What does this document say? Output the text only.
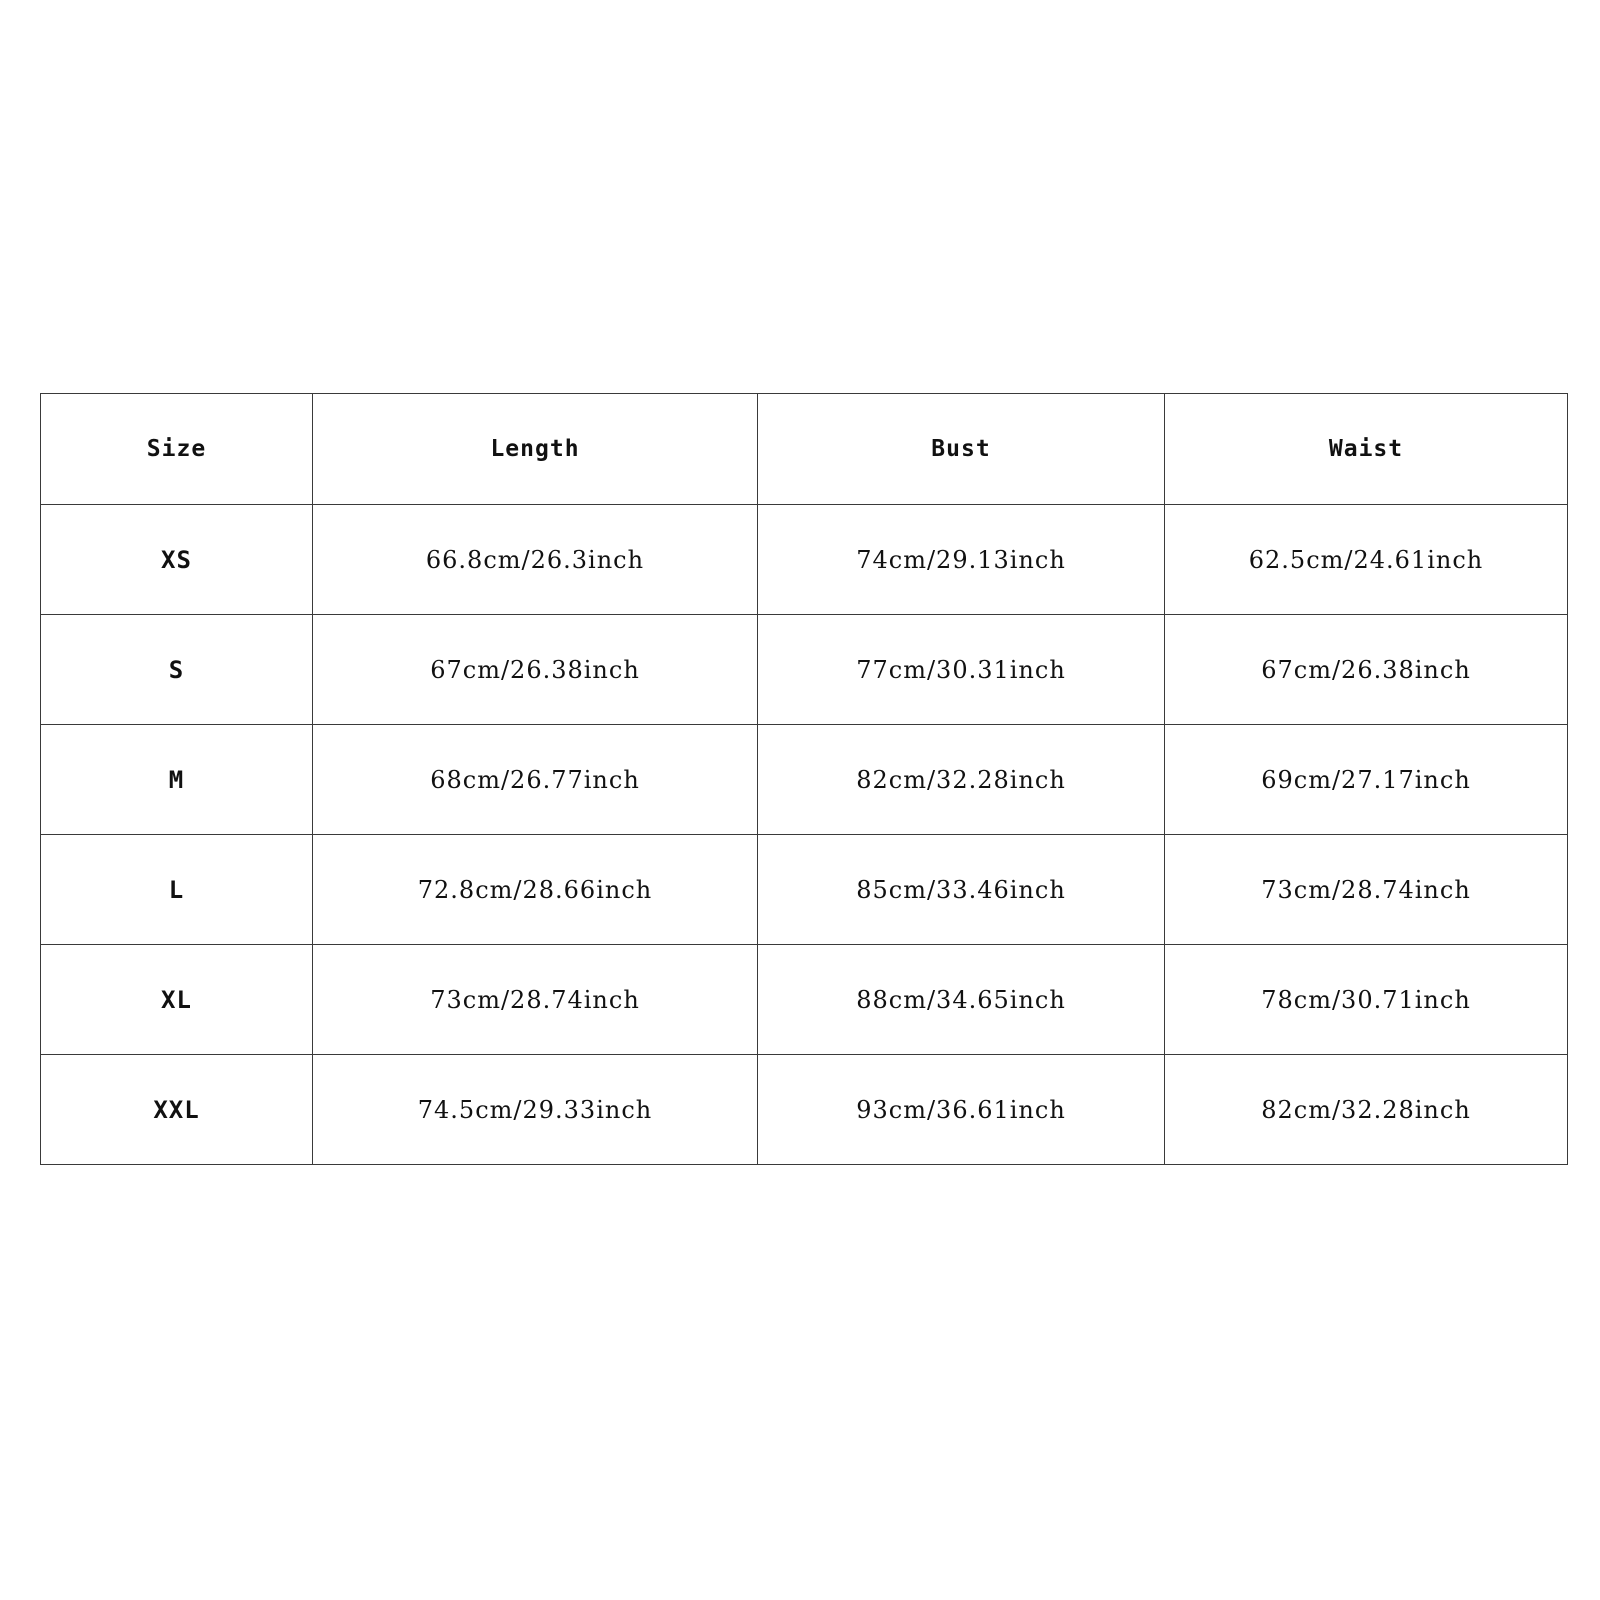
Size	Length	Bust	Waist
XS	66.8cm/26.3inch	74cm/29.13inch	62.5cm/24.61inch
S	67cm/26.38inch	77cm/30.31inch	67cm/26.38inch
M	68cm/26.77inch	82cm/32.28inch	69cm/27.17inch
L	72.8cm/28.66inch	85cm/33.46inch	73cm/28.74inch
XL	73cm/28.74inch	88cm/34.65inch	78cm/30.71inch
XXL	74.5cm/29.33inch	93cm/36.61inch	82cm/32.28inch
